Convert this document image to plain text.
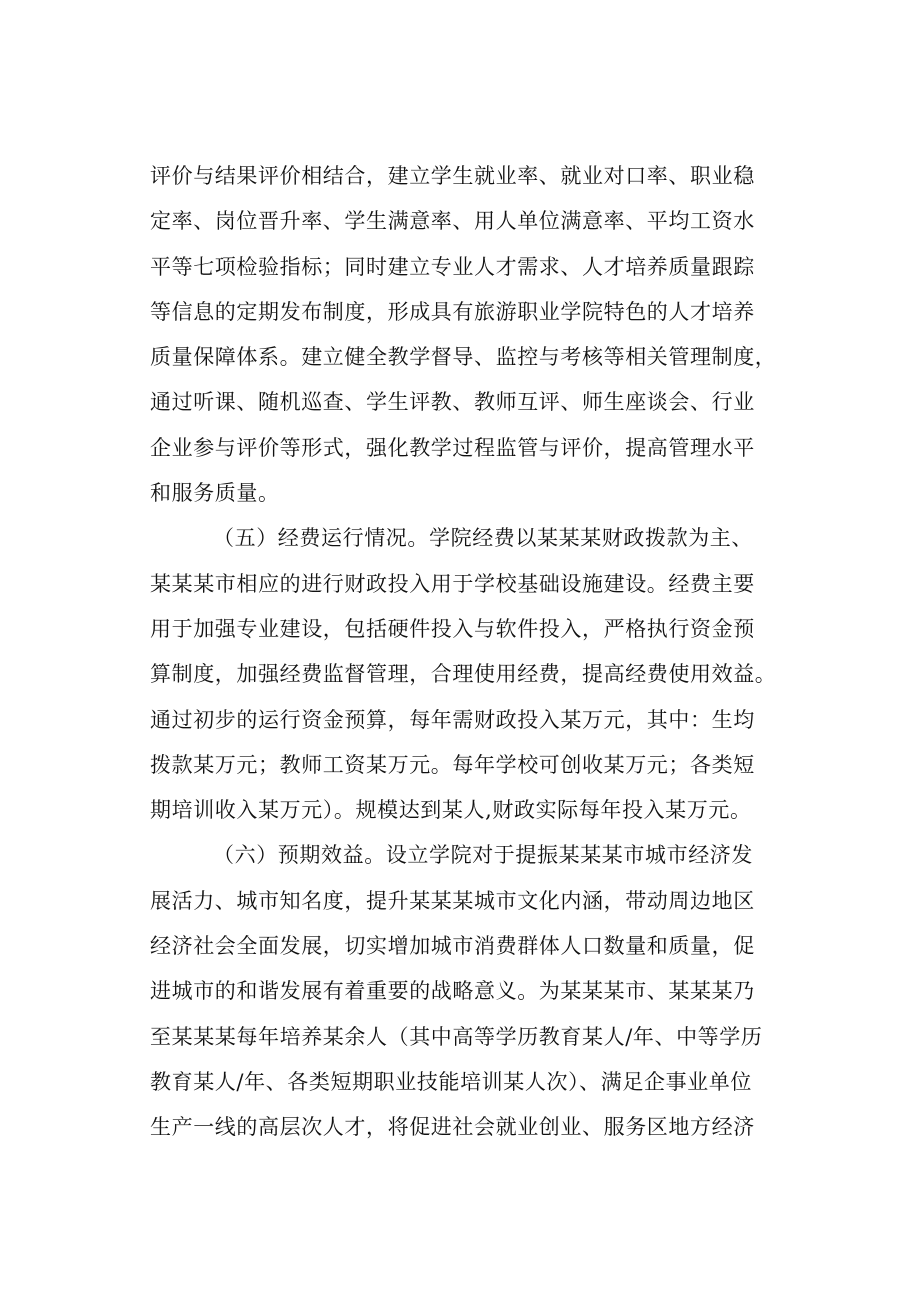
评价与结果评价相结合，建立学生就业率、就业对口率、职业稳
定率、岗位晋升率、学生满意率、用人单位满意率、平均工资水
平等七项检验指标；同时建立专业人才需求、人才培养质量跟踪
等信息的定期发布制度，形成具有旅游职业学院特色的人才培养
质量保障体系。建立健全教学督导、监控与考核等相关管理制度，
通过听课、随机巡查、学生评教、教师互评、师生座谈会、行业
企业参与评价等形式，强化教学过程监管与评价，提高管理水平
和服务质量。
（五）经费运行情况。学院经费以某某某财政拨款为主、
某某某市相应的进行财政投入用于学校基础设施建设。经费主要
用于加强专业建设，包括硬件投入与软件投入，严格执行资金预
算制度，加强经费监督管理，合理使用经费，提高经费使用效益。
通过初步的运行资金预算，每年需财政投入某万元，其中：生均
拨款某万元；教师工资某万元。每年学校可创收某万元；各类短
期培训收入某万元）。规模达到某人,财政实际每年投入某万元。
（六）预期效益。设立学院对于提振某某某市城市经济发
展活力、城市知名度，提升某某某城市文化内涵，带动周边地区
经济社会全面发展，切实增加城市消费群体人口数量和质量，促
进城市的和谐发展有着重要的战略意义。为某某某市、某某某乃
至某某某每年培养某余人（其中高等学历教育某人/年、中等学历
教育某人/年、各类短期职业技能培训某人次）、满足企事业单位
生产一线的高层次人才，将促进社会就业创业、服务区地方经济
